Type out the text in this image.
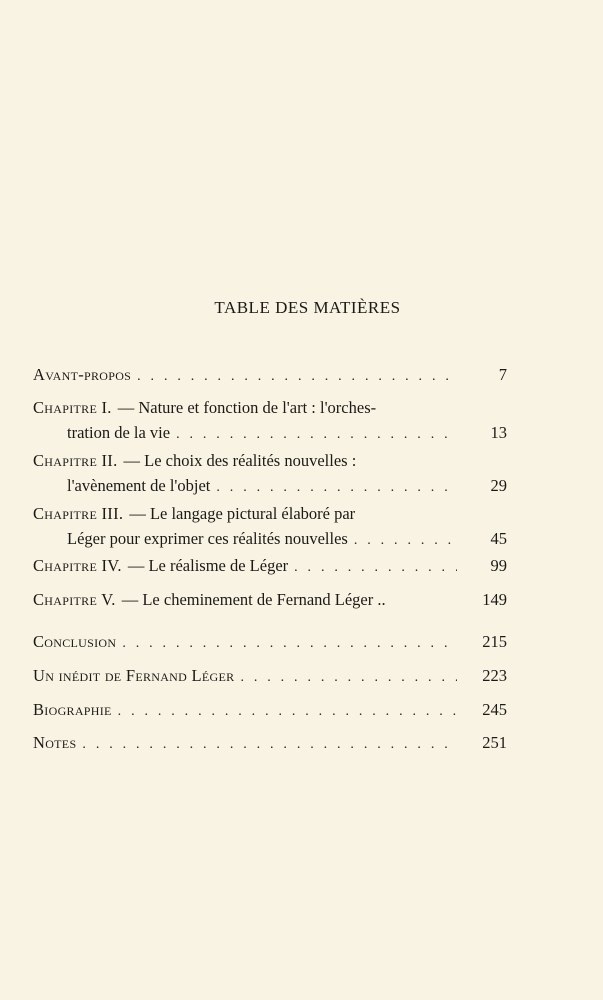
TABLE DES MATIÈRES
Avant-propos . . .	7
Chapitre I. — Nature et fonction de l'art : l'orches-
tration de la vie . . .	13
Chapitre II. — Le choix des réalités nouvelles :
l'avènement de l'objet . . .	29
Chapitre III. — Le langage pictural élaboré par
Léger pour exprimer ces réalités nouvelles . . .	45
Chapitre IV. — Le réalisme de Léger . . .	99
Chapitre V. — Le cheminement de Fernand Léger ..	149
Conclusion . . .	215
Un inédit de Fernand Léger . . .	223
Biographie . . .	245
Notes . . .	251
